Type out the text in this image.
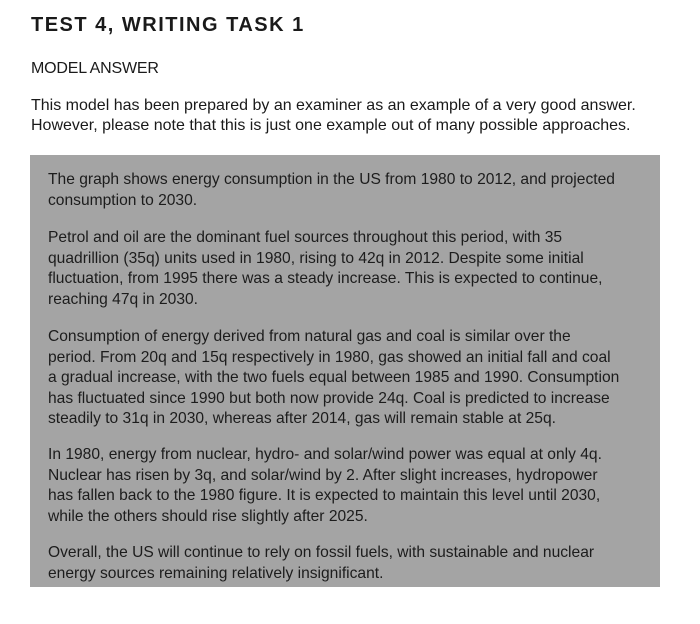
TEST 4, WRITING TASK 1

MODEL ANSWER

This model has been prepared by an examiner as an example of a very good answer.
However, please note that this is just one example out of many possible approaches.

The graph shows energy consumption in the US from 1980 to 2012, and projected
consumption to 2030.

Petrol and oil are the dominant fuel sources throughout this period, with 35
quadrillion (35q) units used in 1980, rising to 42q in 2012. Despite some initial
fluctuation, from 1995 there was a steady increase. This is expected to continue,
reaching 47q in 2030.

Consumption of energy derived from natural gas and coal is similar over the
period. From 20q and 15q respectively in 1980, gas showed an initial fall and coal
a gradual increase, with the two fuels equal between 1985 and 1990. Consumption
has fluctuated since 1990 but both now provide 24q. Coal is predicted to increase
steadily to 31q in 2030, whereas after 2014, gas will remain stable at 25q.

In 1980, energy from nuclear, hydro- and solar/wind power was equal at only 4q.
Nuclear has risen by 3q, and solar/wind by 2. After slight increases, hydropower
has fallen back to the 1980 figure. It is expected to maintain this level until 2030,
while the others should rise slightly after 2025.

Overall, the US will continue to rely on fossil fuels, with sustainable and nuclear
energy sources remaining relatively insignificant.
